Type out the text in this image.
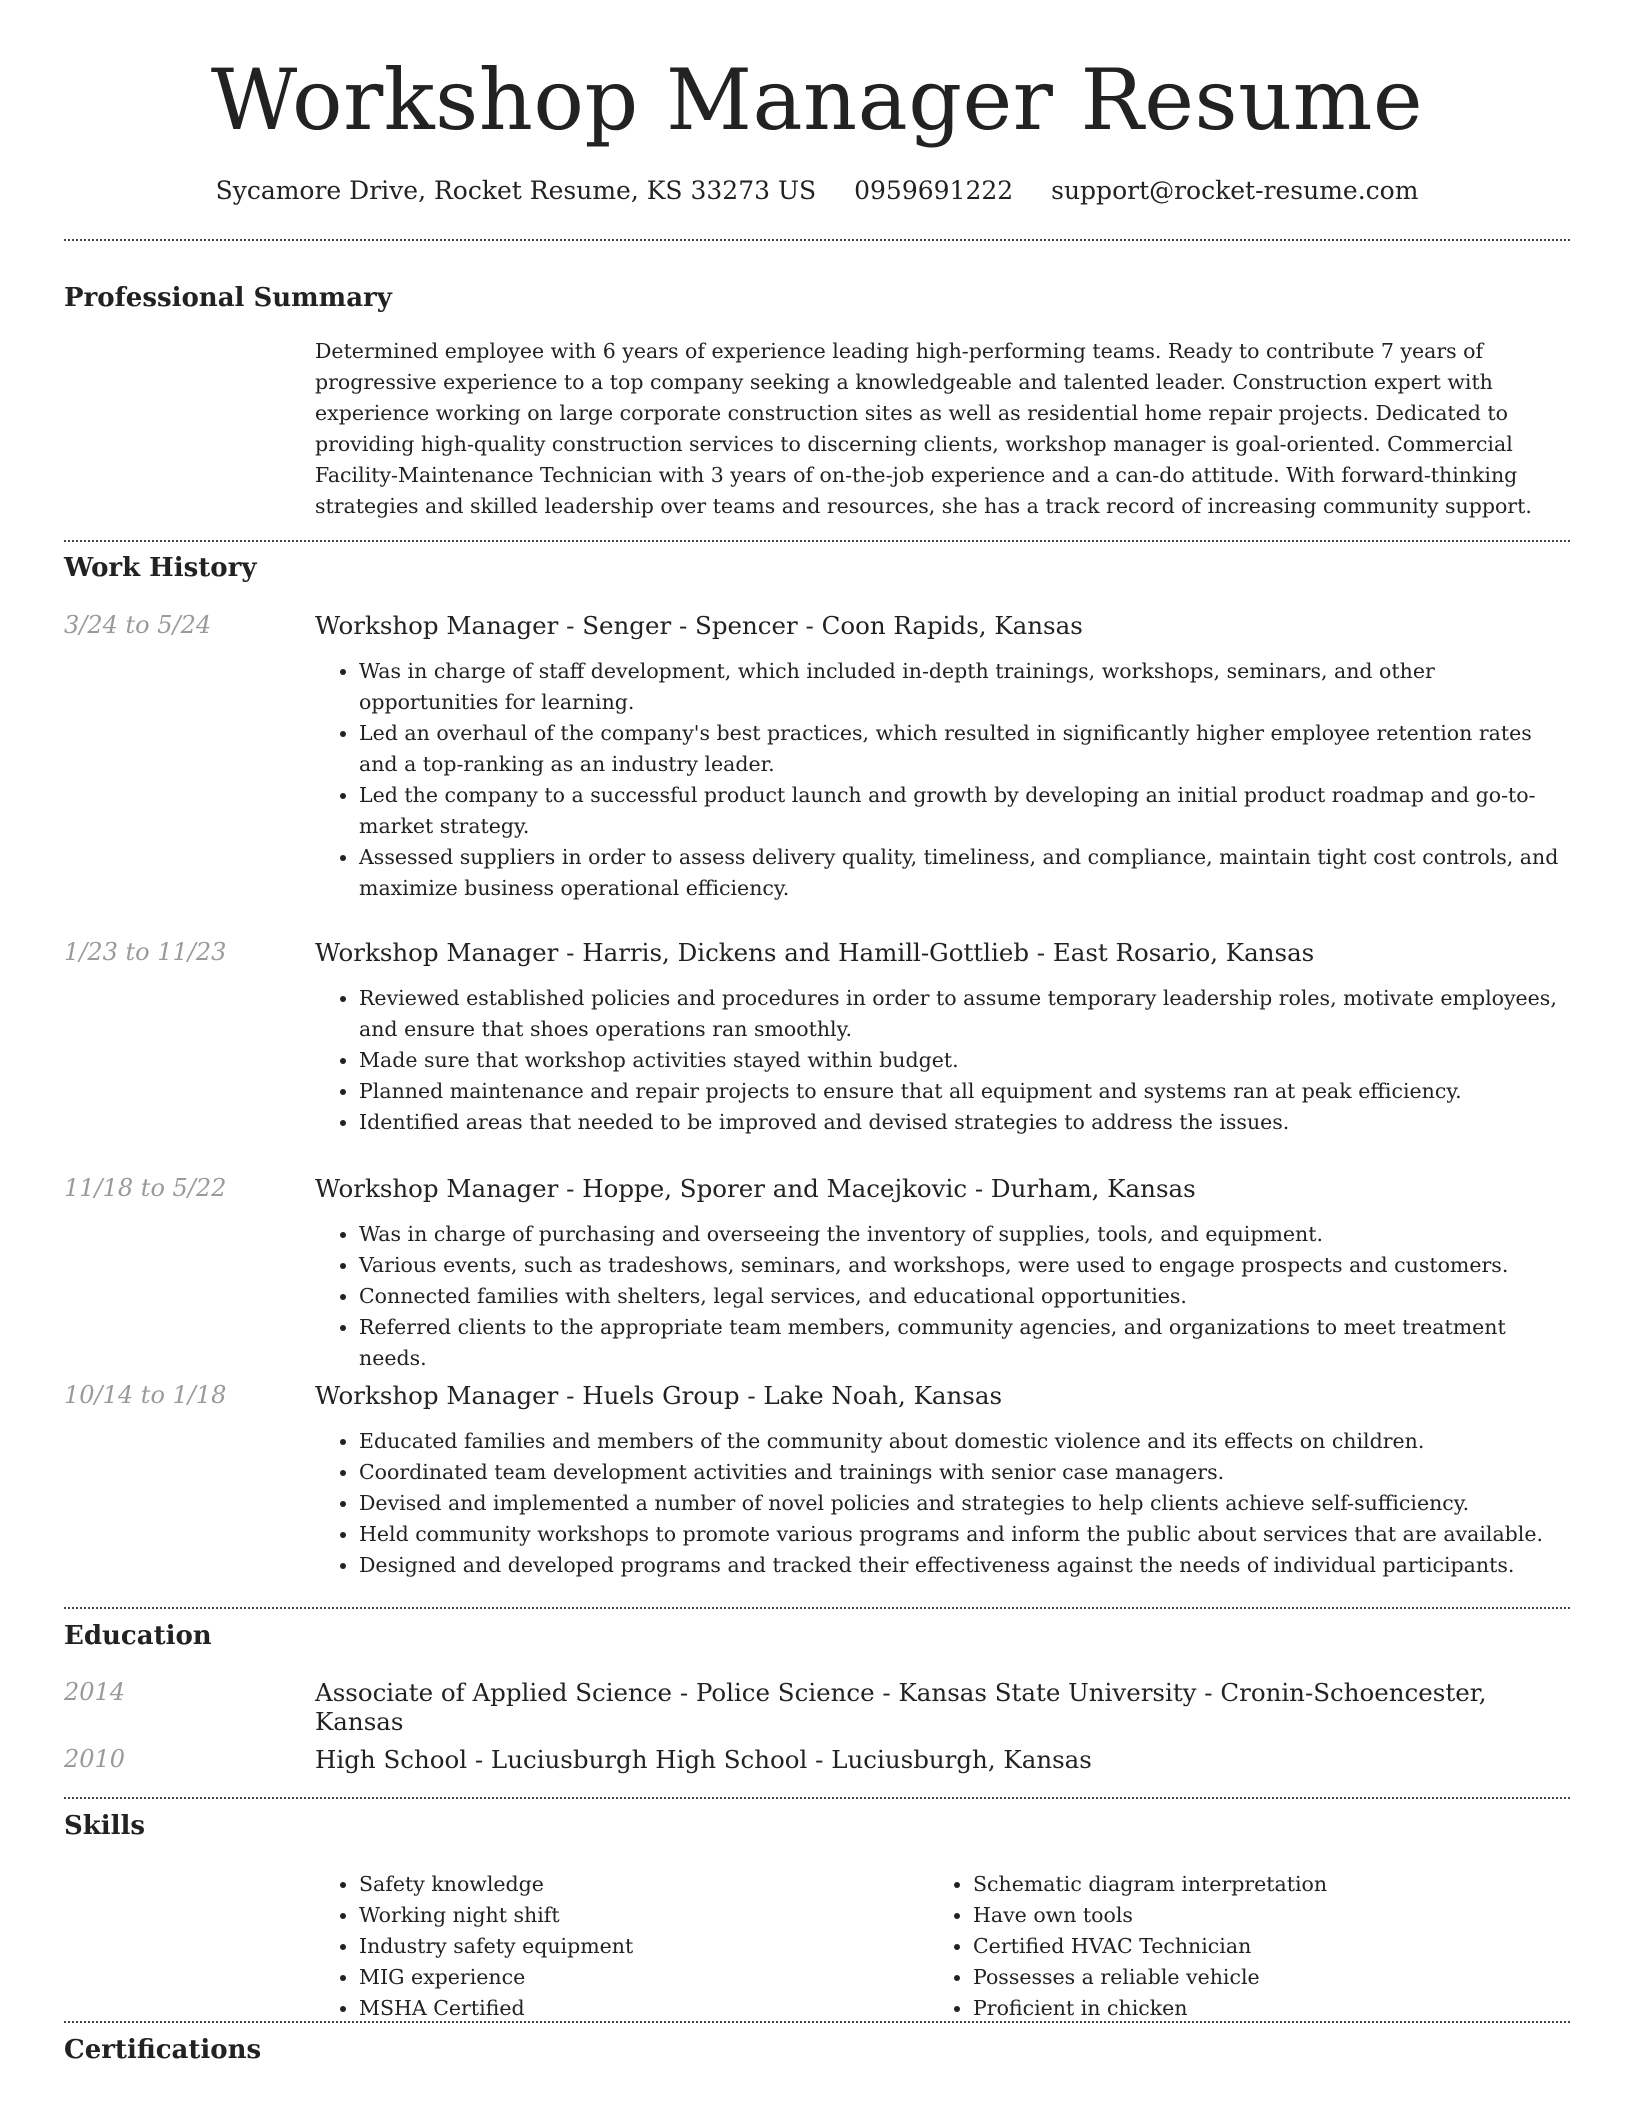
Workshop Manager Resume
Sycamore Drive, Rocket Resume, KS 33273 US 0959691222 support@rocket-resume.com
Professional Summary
Determined employee with 6 years of experience leading high-performing teams. Ready to contribute 7 years of progressive experience to a top company seeking a knowledgeable and talented leader. Construction expert with experience working on large corporate construction sites as well as residential home repair projects. Dedicated to providing high-quality construction services to discerning clients, workshop manager is goal-oriented. Commercial Facility-Maintenance Technician with 3 years of on-the-job experience and a can-do attitude. With forward-thinking strategies and skilled leadership over teams and resources, she has a track record of increasing community support.
Work History
3/24 to 5/24	Workshop Manager - Senger - Spencer - Coon Rapids, Kansas
• Was in charge of staff development, which included in-depth trainings, workshops, seminars, and other opportunities for learning.
• Led an overhaul of the company's best practices, which resulted in significantly higher employee retention rates and a top-ranking as an industry leader.
• Led the company to a successful product launch and growth by developing an initial product roadmap and go-to-market strategy.
• Assessed suppliers in order to assess delivery quality, timeliness, and compliance, maintain tight cost controls, and maximize business operational efficiency.
1/23 to 11/23	Workshop Manager - Harris, Dickens and Hamill-Gottlieb - East Rosario, Kansas
• Reviewed established policies and procedures in order to assume temporary leadership roles, motivate employees, and ensure that shoes operations ran smoothly.
• Made sure that workshop activities stayed within budget.
• Planned maintenance and repair projects to ensure that all equipment and systems ran at peak efficiency.
• Identified areas that needed to be improved and devised strategies to address the issues.
11/18 to 5/22	Workshop Manager - Hoppe, Sporer and Macejkovic - Durham, Kansas
• Was in charge of purchasing and overseeing the inventory of supplies, tools, and equipment.
• Various events, such as tradeshows, seminars, and workshops, were used to engage prospects and customers.
• Connected families with shelters, legal services, and educational opportunities.
• Referred clients to the appropriate team members, community agencies, and organizations to meet treatment needs.
10/14 to 1/18	Workshop Manager - Huels Group - Lake Noah, Kansas
• Educated families and members of the community about domestic violence and its effects on children.
• Coordinated team development activities and trainings with senior case managers.
• Devised and implemented a number of novel policies and strategies to help clients achieve self-sufficiency.
• Held community workshops to promote various programs and inform the public about services that are available.
• Designed and developed programs and tracked their effectiveness against the needs of individual participants.
Education
2014	Associate of Applied Science - Police Science - Kansas State University - Cronin-Schoencester, Kansas
2010	High School - Luciusburgh High School - Luciusburgh, Kansas
Skills
• Safety knowledge
• Working night shift
• Industry safety equipment
• MIG experience
• MSHA Certified
• Schematic diagram interpretation
• Have own tools
• Certified HVAC Technician
• Possesses a reliable vehicle
• Proficient in chicken
Certifications
